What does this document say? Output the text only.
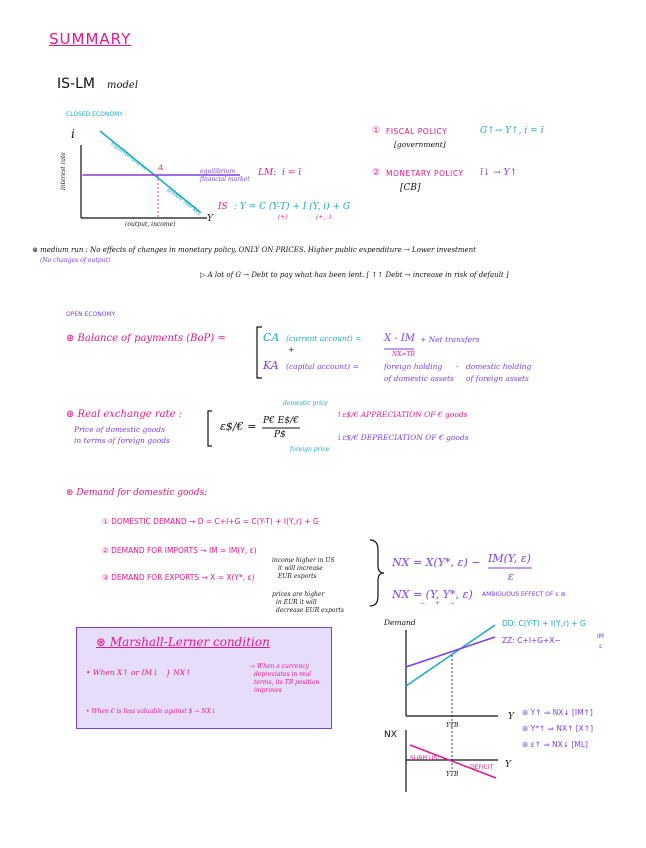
SUMMARY
IS-LM model
CLOSED ECONOMY
i
interest rate
Y
(output, income)
A
equilibrium in
goods market
equilibrium
financial market
LM: i = ī
IS : Y = C (Y-T) + I (Y, i) + G
(+)	(+, -)
① FISCAL POLICY
[government]
G↑→ Y↑, i = ī
② MONETARY POLICY
[CB]
ī↓ → Y↑
⊛ medium run : No effects of changes in monetary policy, ONLY ON PRICES. Higher public expenditure → Lower investment
(No changes of output)
▷ A lot of G → Debt to pay what has been lent. [ ↑↑ Debt → increase in risk of default ]
OPEN ECONOMY
⊛ Balance of payments (BoP) =	CA (current account) = X - IM + Net transfers
NX=TB
+
KA (capital account) =	foreign holding
of domestic assets
- domestic holding
of foreign assets
⊛ Real exchange rate :
Price of domestic goods
in terms of foreign goods
ε$/€ = P€ E$/€
P$
domestic price
foreign price
↑ε$/€ APPRECIATION OF € goods
↓ε$/€ DEPRECIATION OF € goods
⊛ Demand for domestic goods:
① DOMESTIC DEMAND → D = C+I+G = C(Y-T) + I(Y,r) + G
② DEMAND FOR IMPORTS → IM = IM(Y, ε)
③ DEMAND FOR EXPORTS → X = X(Y*, ε)
income higher in US
it will increase
EUR exports
prices are higher
in EUR it will
decrease EUR exports
NX = X(Y*, ε) − IM(Y, ε)
ε
NX = (Y, Y*, ε)
− + −
AMBIGUOUS EFFECT OF ε ⊛
⊛ Marshall-Lerner condition
• When X↑ or IM↓ } NX↑
→ When a currency
depreciates in real
terms, its TB position
improves
• When € is less valuable against $ → NX↓
Demand	DD: C(Y-T) + I(Y,r) + G
ZZ: C+I+G+X−	IM
ε
Y
YTB
NX
SURPLUS
DEFICIT
YTB
Y
⊛ Y↑ ⇒ NX↓ [IM↑]
⊛ Y*↑ ⇒ NX↑ [X↑]
⊛ ε↑ ⇒ NX↓ [ML]
